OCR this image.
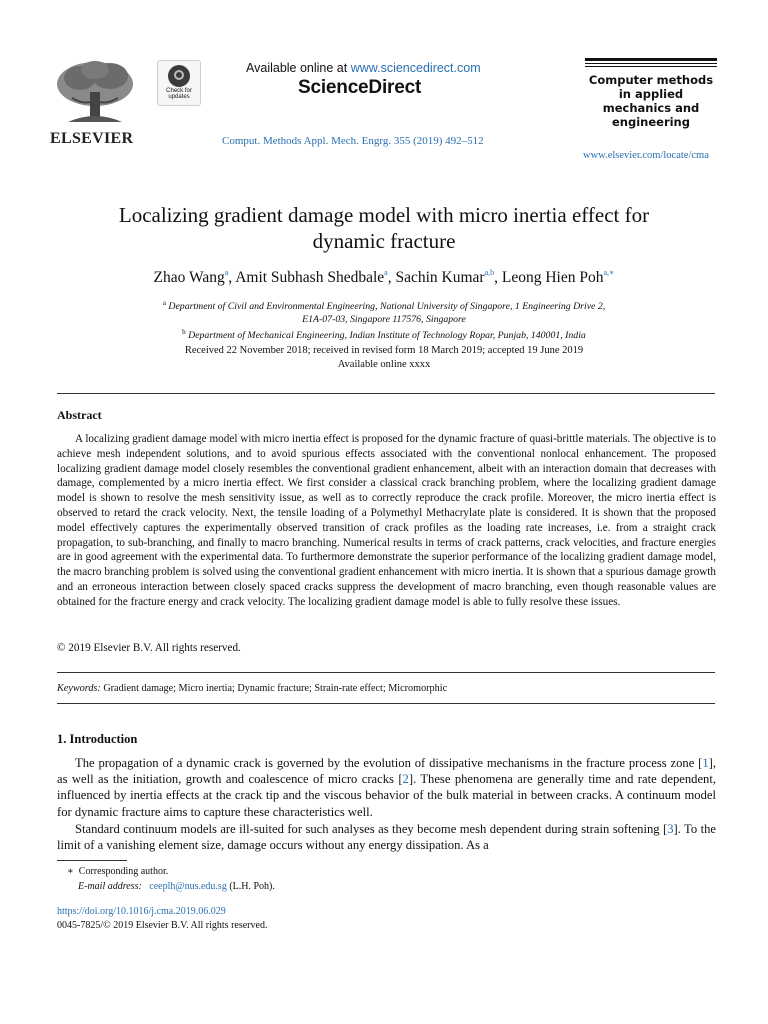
ELSEVIER
Check for updates
Available online at www.sciencedirect.com
ScienceDirect
Comput. Methods Appl. Mech. Engrg. 355 (2019) 492–512
Computer methods
in applied
mechanics and
engineering
www.elsevier.com/locate/cma
Localizing gradient damage model with micro inertia effect for
dynamic fracture
Zhao Wang$^a$, Amit Subhash Shedbale$^a$, Sachin Kumar$^{a,b}$, Leong Hien Poh$^{a,∗}$
$^a$ Department of Civil and Environmental Engineering, National University of Singapore, 1 Engineering Drive 2,
E1A-07-03, Singapore 117576, Singapore
$^b$ Department of Mechanical Engineering, Indian Institute of Technology Ropar, Punjab, 140001, India
Received 22 November 2018; received in revised form 18 March 2019; accepted 19 June 2019
Available online xxxx
Abstract
A localizing gradient damage model with micro inertia effect is proposed for the dynamic fracture of quasi-brittle materials. The objective is to achieve mesh independent solutions, and to avoid spurious effects associated with the conventional nonlocal enhancement. The proposed localizing gradient damage model closely resembles the conventional gradient enhancement, albeit with an interaction domain that decreases with damage, complemented by a micro inertia effect. We first consider a classical crack branching problem, where the localizing gradient damage model is shown to resolve the mesh sensitivity issue, as well as to correctly reproduce the crack profile. Moreover, the micro inertia effect is observed to retard the crack velocity. Next, the tensile loading of a Polymethyl Methacrylate plate is considered. It is shown that the proposed model effectively captures the experimentally observed transition of crack profiles as the loading rate increases, i.e. from a straight crack propagation, to sub-branching, and finally to macro branching. Numerical results in terms of crack patterns, crack velocities, and fracture energies are in good agreement with the experimental data. To furthermore demonstrate the superior performance of the localizing gradient damage model, the macro branching problem is solved using the conventional gradient enhancement with micro inertia. It is shown that a spurious damage growth and an erroneous interaction between closely spaced cracks suppress the development of macro branching, even though reasonable values are obtained for the fracture energy and crack velocity. The localizing gradient damage model is able to fully resolve these issues.
© 2019 Elsevier B.V. All rights reserved.
Keywords: Gradient damage; Micro inertia; Dynamic fracture; Strain-rate effect; Micromorphic
1. Introduction
The propagation of a dynamic crack is governed by the evolution of dissipative mechanisms in the fracture process zone [1], as well as the initiation, growth and coalescence of micro cracks [2]. These phenomena are generally time and rate dependent, influenced by inertia effects at the crack tip and the viscous behavior of the bulk material in between cracks. A continuum model for dynamic fracture aims to capture these characteristics well.
Standard continuum models are ill-suited for such analyses as they become mesh dependent during strain softening [3]. To the limit of a vanishing element size, damage occurs without any energy dissipation. As a
∗ Corresponding author.
E-mail address: ceeplh@nus.edu.sg (L.H. Poh).
https://doi.org/10.1016/j.cma.2019.06.029
0045-7825/© 2019 Elsevier B.V. All rights reserved.
